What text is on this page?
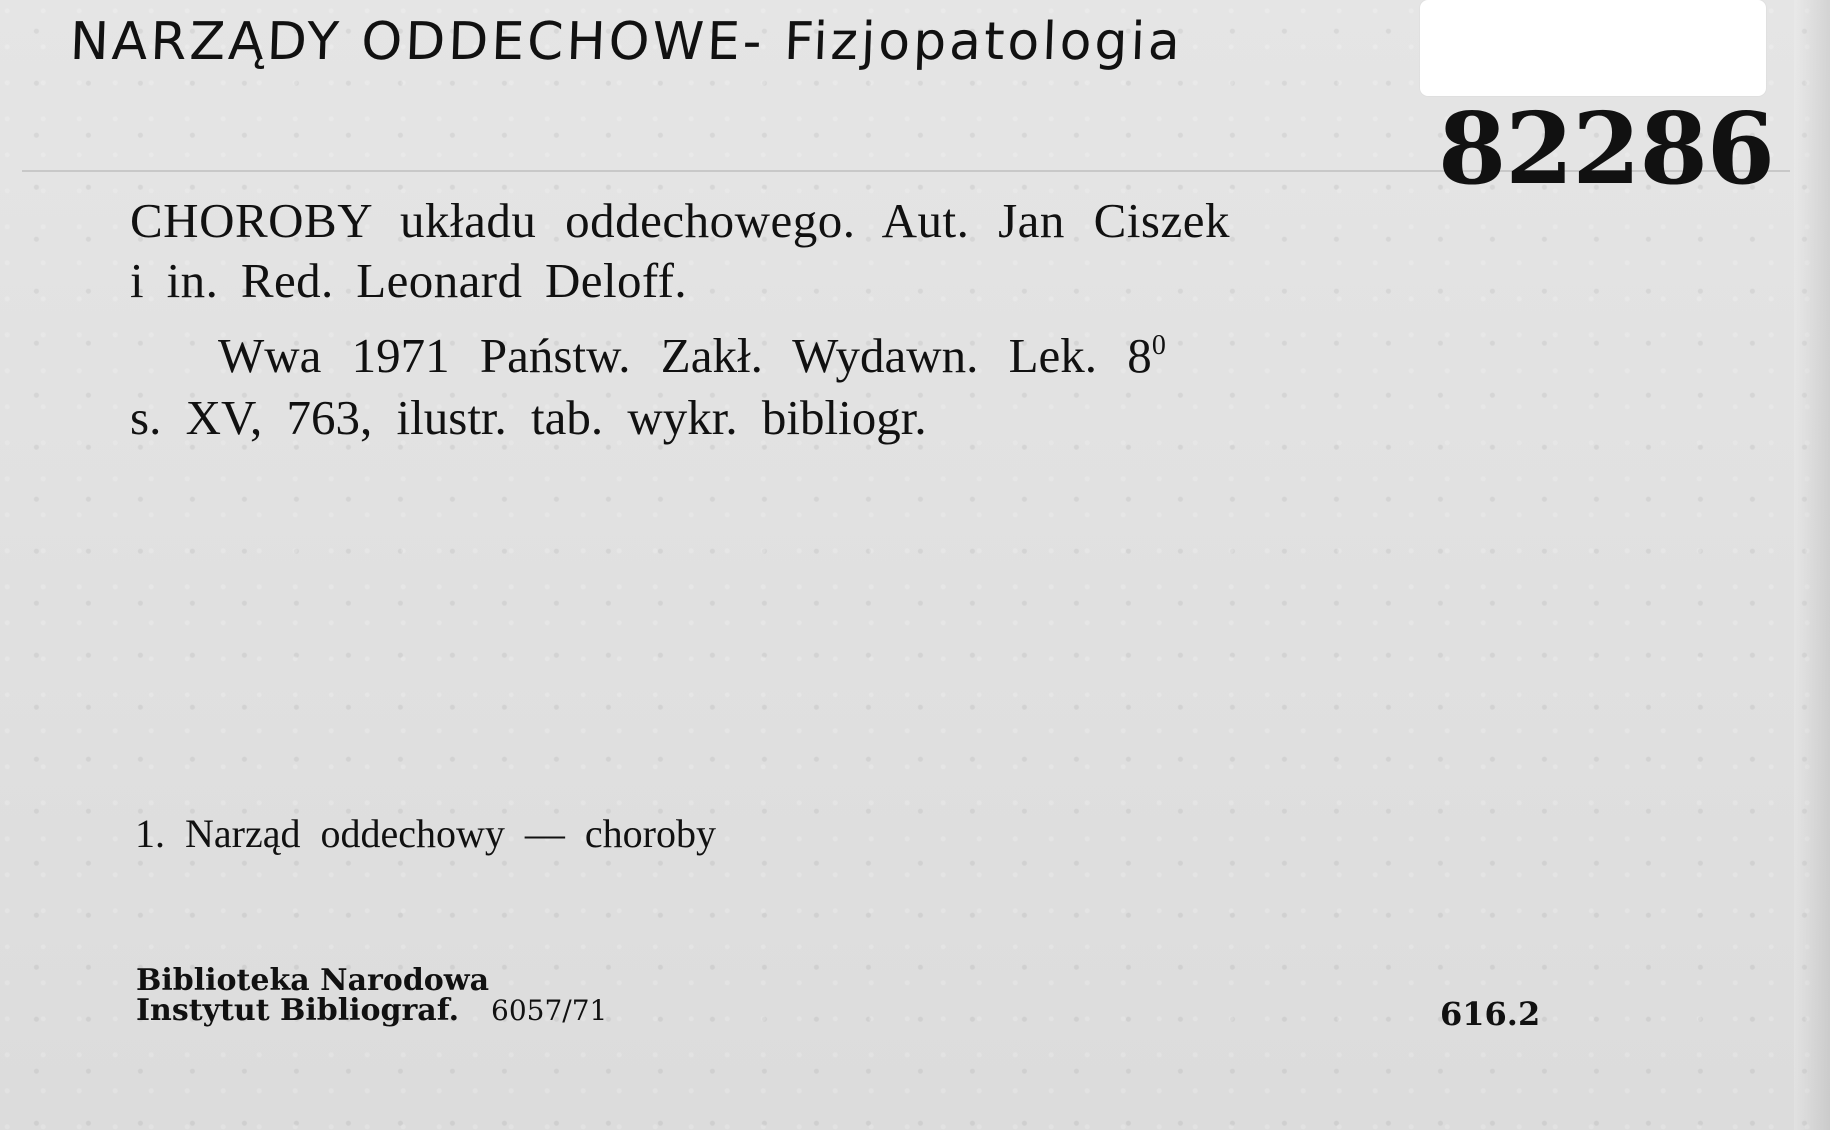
NARZĄDY ODDECHOWE- Fizjopatologia
82286
CHOROBY układu oddechowego. Aut. Jan Ciszek
i in. Red. Leonard Deloff.
Wwa 1971 Państw. Zakł. Wydawn. Lek. $8^0$
s. XV, 763, ilustr. tab. wykr. bibliogr.
1. Narząd oddechowy — choroby
Biblioteka Narodowa
Instytut Bibliograf. 6057/71	616.2
